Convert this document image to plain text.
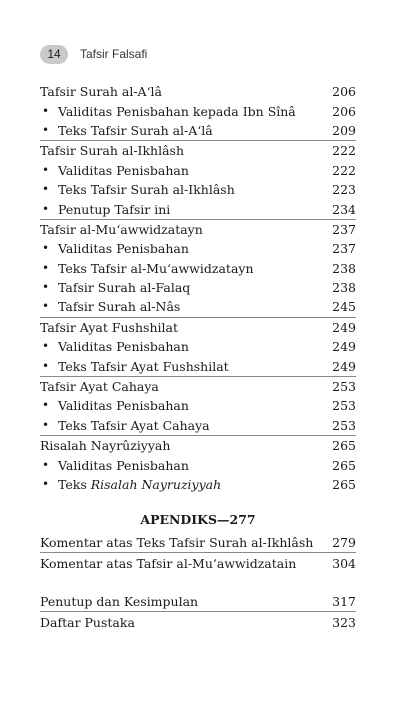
14	Tafsir Falsafi
Tafsir Surah al-A‘lâ	206
• Validitas Penisbahan kepada Ibn Sînâ	206
• Teks Tafsir Surah al-A‘lâ	209
Tafsir Surah al-Ikhlâsh	222
• Validitas Penisbahan	222
• Teks Tafsir Surah al-Ikhlâsh	223
• Penutup Tafsir ini	234
Tafsir al-Mu‘awwidzatayn	237
• Validitas Penisbahan	237
• Teks Tafsir al-Mu‘awwidzatayn	238
• Tafsir Surah al-Falaq	238
• Tafsir Surah al-Nâs	245
Tafsir Ayat Fushshilat	249
• Validitas Penisbahan	249
• Teks Tafsir Ayat Fushshilat	249
Tafsir Ayat Cahaya	253
• Validitas Penisbahan	253
• Teks Tafsir Ayat Cahaya	253
Risalah Nayrûziyyah	265
• Validitas Penisbahan	265
• Teks Risalah Nayruziyyah	265
APENDIKS—277
Komentar atas Teks Tafsir Surah al-Ikhlâsh 279
Komentar atas Tafsir al-Mu‘awwidzatain	304
Penutup dan Kesimpulan	317
Daftar Pustaka	323
